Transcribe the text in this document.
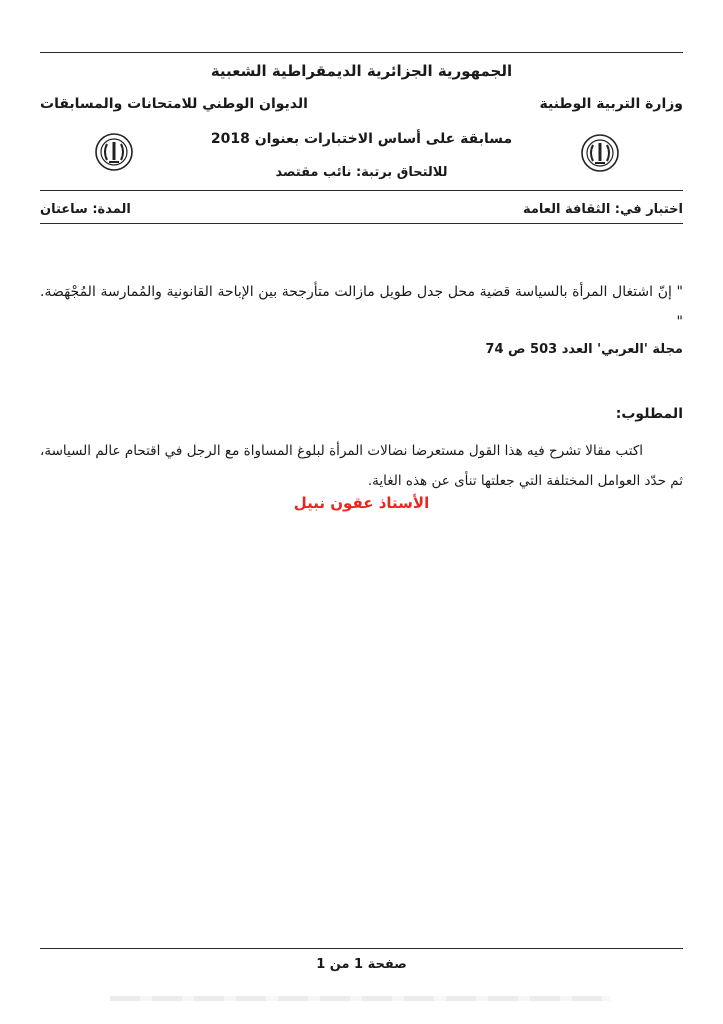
الجمهورية الجزائرية الديمقراطية الشعبية
وزارة التربية الوطنية
الديوان الوطني للامتحانات والمسابقات
مسابقة على أساس الاختبارات بعنوان 2018
للالتحاق برتبة: نائب مقتصد
اختبار في: الثقافة العامة
المدة: ساعتان
" إنّ اشتغال المرأة بالسياسة قضية محل جدل طويل مازالت متأرجحة بين الإباحة القانونية والمُمارسة المُجْهَضة. "
مجلة 'العربي' العدد 503 ص 74
المطلوب:
اكتب مقالا تشرح فيه هذا القول مستعرضا نضالات المرأة لبلوغ المساواة مع الرجل في اقتحام عالم السياسة، ثم حدّد العوامل المختلفة التي جعلتها تنأى عن هذه الغاية.
الأستاذ عقون نبيل
صفحة 1 من 1
